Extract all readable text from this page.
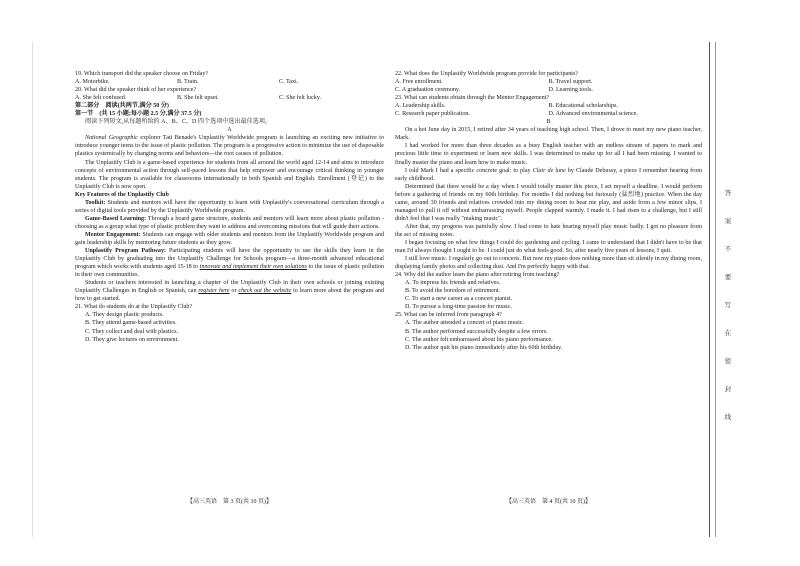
19. Which transport did the speaker choose on Friday?

A. Motorbike.	B. Train.	C. Taxi.

20. What did the speaker think of her experience?

A. She felt confused.	B. She felt upset.	C. She felt lucky.

第二部分　阅读(共两节,满分 50 分)

第一节　(共 15 小题;每小题 2.5 分,满分 37.5 分)

阅读下列短文,从每题所给的 A、B、C、D 四个选项中选出最佳选项。

A

National Geographic explorer Tati Benade's Unplastify Worldwide program is launching an exciting new initiative to introduce younger teens to the issue of plastic pollution. The program is a progressive action to minimize the use of disposable plastics systemically by changing norms and behaviors—the root causes of pollution.

The Unplastify Club is a game-based experience for students from all around the world aged 12-14 and aims to introduce concepts of environmental action through self-paced lessons that help empower and encourage critical thinking in younger students. The program is available for classrooms internationally in both Spanish and English. Enrollment (登记) to the Unplastify Club is now open.

Key Features of the Unplastify Club

Toolkit: Students and mentors will have the opportunity to learn with Unplastify's conversational curriculum through a series of digital tools provided by the Unplastify Worldwide program.

Game-Based Learning: Through a board game structure, students and mentors will learn more about plastic pollution - choosing as a group what type of plastic problem they want to address and overcoming missions that will guide their actions.

Mentor Engagement: Students can engage with older students and mentors from the Unplastify Worldwide program and gain leadership skills by mentoring future students as they grow.

Unplastify Program Pathway: Participating students will have the opportunity to use the skills they learn in the Unplastify Club by graduating into the Unplastify Challenge for Schools program—a three-month advanced educational program which works with students aged 15-18 to innovate and implement their own solutions to the issue of plastic pollution in their own communities.

Students or teachers interested in launching a chapter of the Unplastify Club in their own schools or joining existing Unplastify Challenges in English or Spanish, can register here or check out the website to learn more about the program and how to get started.

21. What do students do at the Unplastify Club?

A. They design plastic products.

B. They attend game-based activities.

C. They collect and deal with plastics.

D. They give lectures on environment.

【高三英语　第 3 页(共 10 页)】

22. What does the Unplastify Worldwide program provide for participants?

A. Free enrollment.	B. Travel support.
C. A graduation ceremony.	D. Learning tools.

23. What can students obtain through the Mentor Engagement?

A. Leadership skills.	B. Educational scholarships.
C. Research paper publication.	D. Advanced environmental science.

B

On a hot June day in 2015, I retired after 34 years of teaching high school. Then, I drove to meet my new piano teacher, Mark.

I had worked for more than three decades as a busy English teacher with an endless stream of papers to mark and precious little time to experiment or learn new skills. I was determined to make up for all I had been missing. I wanted to finally master the piano and learn how to make music.

I told Mark I had a specific concrete goal: to play Clair de lune by Claude Debussy, a piece I remember hearing from early childhood.

Determined that there would be a day when I would totally master this piece, I set myself a deadline. I would perform before a gathering of friends on my 60th birthday. For months I did nothing but furiously (猛烈地) practice. When the day came, around 30 friends and relatives crowded into my dining room to hear me play, and aside from a few minor slips, I managed to pull it off without embarrassing myself. People clapped warmly. I made it. I had risen to a challenge, but I still didn't feel that I was really "making music".

After that, my progress was painfully slow. I had come to hate hearing myself play music badly. I got no pleasure from the act of missing notes.

I began focusing on what few things I could do: gardening and cycling. I came to understand that I didn't have to be that man I'd always thought I ought to be. I could just do what feels good. So, after nearly five years of lessons, I quit.

I still love music. I regularly go out to concerts. But now my piano does nothing more than sit silently in my dining room, displaying family photos and collecting dust. And I'm perfectly happy with that.

24. Why did the author learn the piano after retiring from teaching?

A. To impress his friends and relatives.

B. To avoid the boredom of retirement.

C. To start a new career as a concert pianist.

D. To pursue a long-time passion for music.

25. What can be inferred from paragraph 4?

A. The author attended a concert of piano music.

B. The author performed successfully despite a few errors.

C. The author felt embarrassed about his piano performance.

D. The author quit his piano immediately after his 60th birthday.

【高三英语　第 4 页(共 10 页)】
答
案
不
要
写
在
密
封
线
